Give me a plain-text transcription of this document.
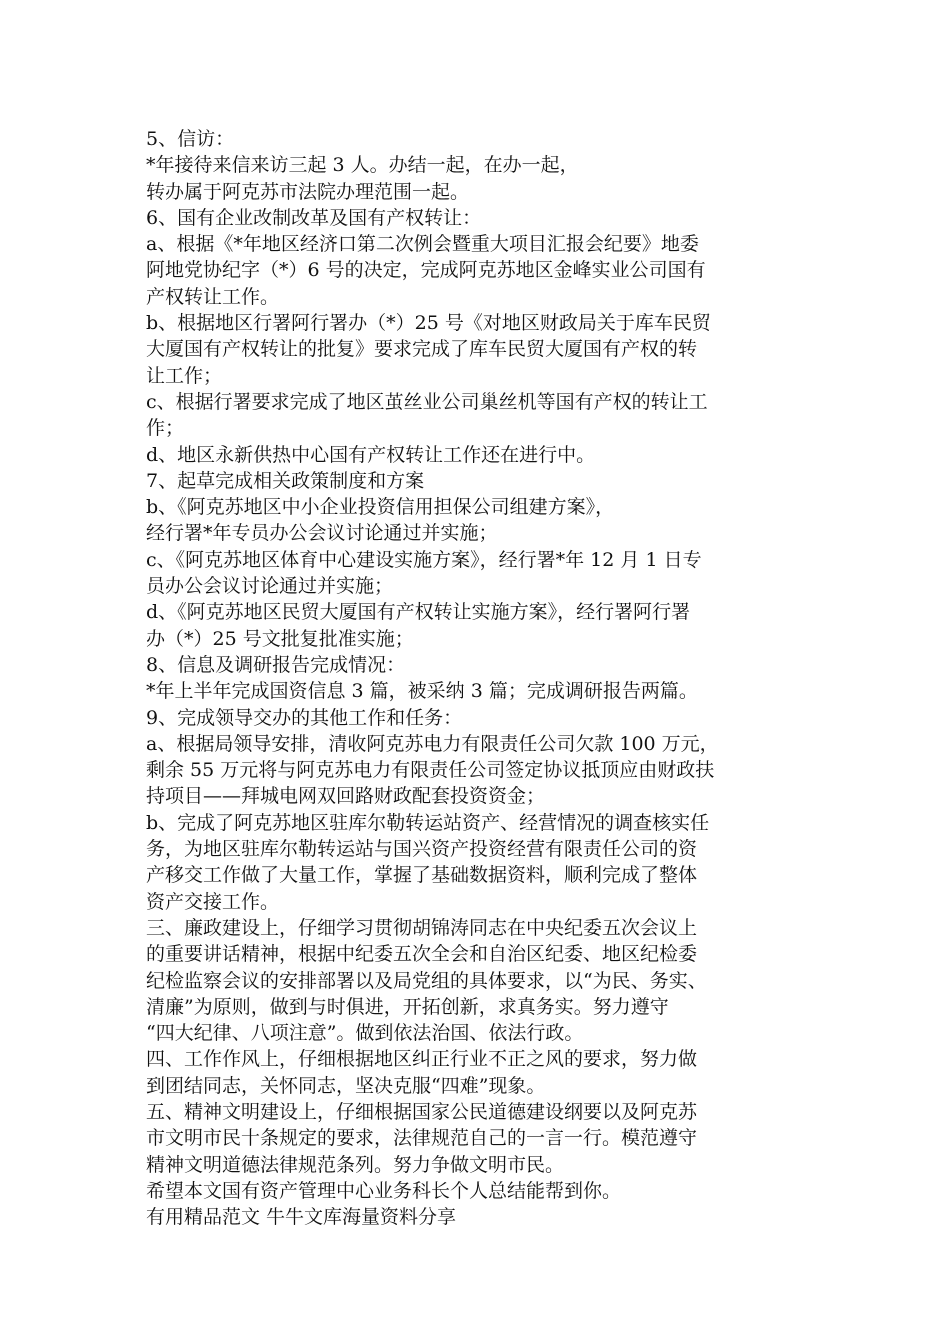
5、信访：
*年接待来信来访三起 3 人。办结一起，在办一起，
转办属于阿克苏市法院办理范围一起。
6、国有企业改制改革及国有产权转让：
a、根据《*年地区经济口第二次例会暨重大项目汇报会纪要》地委
阿地党协纪字（*）6 号的决定，完成阿克苏地区金峰实业公司国有
产权转让工作。
b、根据地区行署阿行署办（*）25 号《对地区财政局关于库车民贸
大厦国有产权转让的批复》要求完成了库车民贸大厦国有产权的转
让工作；
c、根据行署要求完成了地区茧丝业公司巢丝机等国有产权的转让工
作；
d、地区永新供热中心国有产权转让工作还在进行中。
7、起草完成相关政策制度和方案
b、《阿克苏地区中小企业投资信用担保公司组建方案》，
经行署*年专员办公会议讨论通过并实施；
c、《阿克苏地区体育中心建设实施方案》，经行署*年 12 月 1 日专
员办公会议讨论通过并实施；
d、《阿克苏地区民贸大厦国有产权转让实施方案》，经行署阿行署
办（*）25 号文批复批准实施；
8、信息及调研报告完成情况：
*年上半年完成国资信息 3 篇，被采纳 3 篇；完成调研报告两篇。
9、完成领导交办的其他工作和任务：
a、根据局领导安排，清收阿克苏电力有限责任公司欠款 100 万元，
剩余 55 万元将与阿克苏电力有限责任公司签定协议抵顶应由财政扶
持项目——拜城电网双回路财政配套投资资金；
b、完成了阿克苏地区驻库尔勒转运站资产、经营情况的调查核实任
务，为地区驻库尔勒转运站与国兴资产投资经营有限责任公司的资
产移交工作做了大量工作，掌握了基础数据资料，顺利完成了整体
资产交接工作。
三、廉政建设上，仔细学习贯彻胡锦涛同志在中央纪委五次会议上
的重要讲话精神，根据中纪委五次全会和自治区纪委、地区纪检委
纪检监察会议的安排部署以及局党组的具体要求，以“为民、务实、
清廉”为原则，做到与时俱进，开拓创新，求真务实。努力遵守
“四大纪律、八项注意”。做到依法治国、依法行政。
四、工作作风上，仔细根据地区纠正行业不正之风的要求，努力做
到团结同志，关怀同志，坚决克服“四难”现象。
五、精神文明建设上，仔细根据国家公民道德建设纲要以及阿克苏
市文明市民十条规定的要求，法律规范自己的一言一行。模范遵守
精神文明道德法律规范条列。努力争做文明市民。
希望本文国有资产管理中心业务科长个人总结能帮到你。
有用精品范文 牛牛文库海量资料分享
